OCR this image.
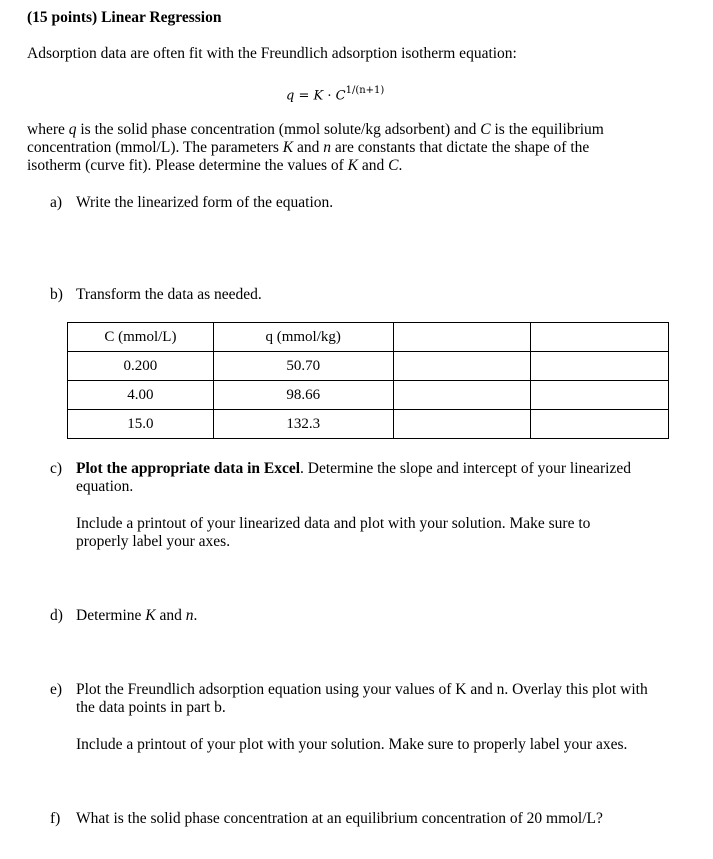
(15 points) Linear Regression
Adsorption data are often fit with the Freundlich adsorption isotherm equation:
$q = K \cdot C^{1/(n+1)}$

where q is the solid phase concentration (mmol solute/kg adsorbent) and C is the equilibrium concentration (mmol/L). The parameters K and n are constants that dictate the shape of the isotherm (curve fit). Please determine the values of K and C.

a) Write the linearized form of the equation.
b) Transform the data as needed.
C (mmol/L)	q (mmol/kg)		
0.200	50.70		
4.00	98.66		
15.0	132.3		
c) Plot the appropriate data in Excel. Determine the slope and intercept of your linearized equation.
Include a printout of your linearized data and plot with your solution. Make sure to properly label your axes.
d) Determine K and n.
e) Plot the Freundlich adsorption equation using your values of K and n. Overlay this plot with the data points in part b.
Include a printout of your plot with your solution. Make sure to properly label your axes.
f) What is the solid phase concentration at an equilibrium concentration of 20 mmol/L?
